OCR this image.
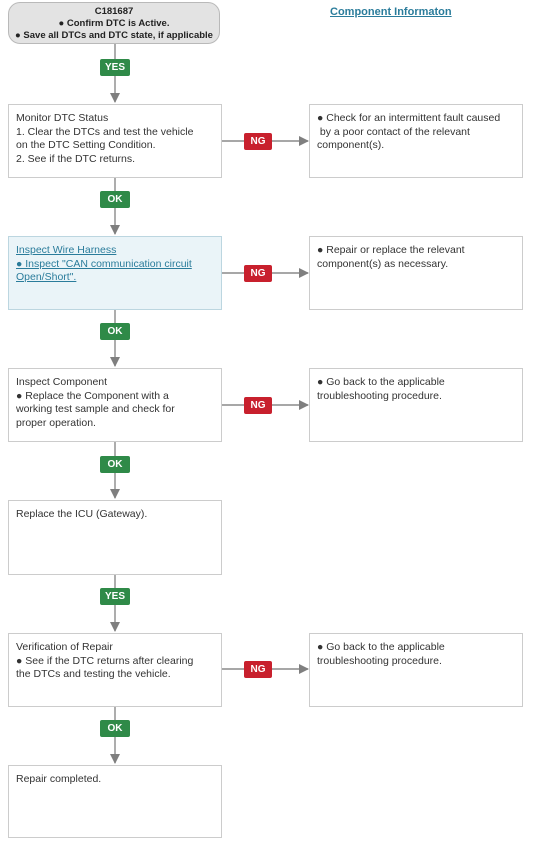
C181687
● Confirm DTC is Active.
● Save all DTCs and DTC state, if applicable
Component Informaton
YES
OK
OK
OK
YES
OK
NG
NG
NG
NG
Monitor DTC Status
1. Clear the DTCs and test the vehicle
on the DTC Setting Condition.
2. See if the DTC returns.
● Check for an intermittent fault caused
by a poor contact of the relevant
component(s).
Inspect Wire Harness
● Inspect "CAN communication circuit
Open/Short".
● Repair or replace the relevant
component(s) as necessary.
Inspect Component
● Replace the Component with a
working test sample and check for
proper operation.
● Go back to the applicable
troubleshooting procedure.
Replace the ICU (Gateway).
Verification of Repair
● See if the DTC returns after clearing
the DTCs and testing the vehicle.
● Go back to the applicable
troubleshooting procedure.
Repair completed.
